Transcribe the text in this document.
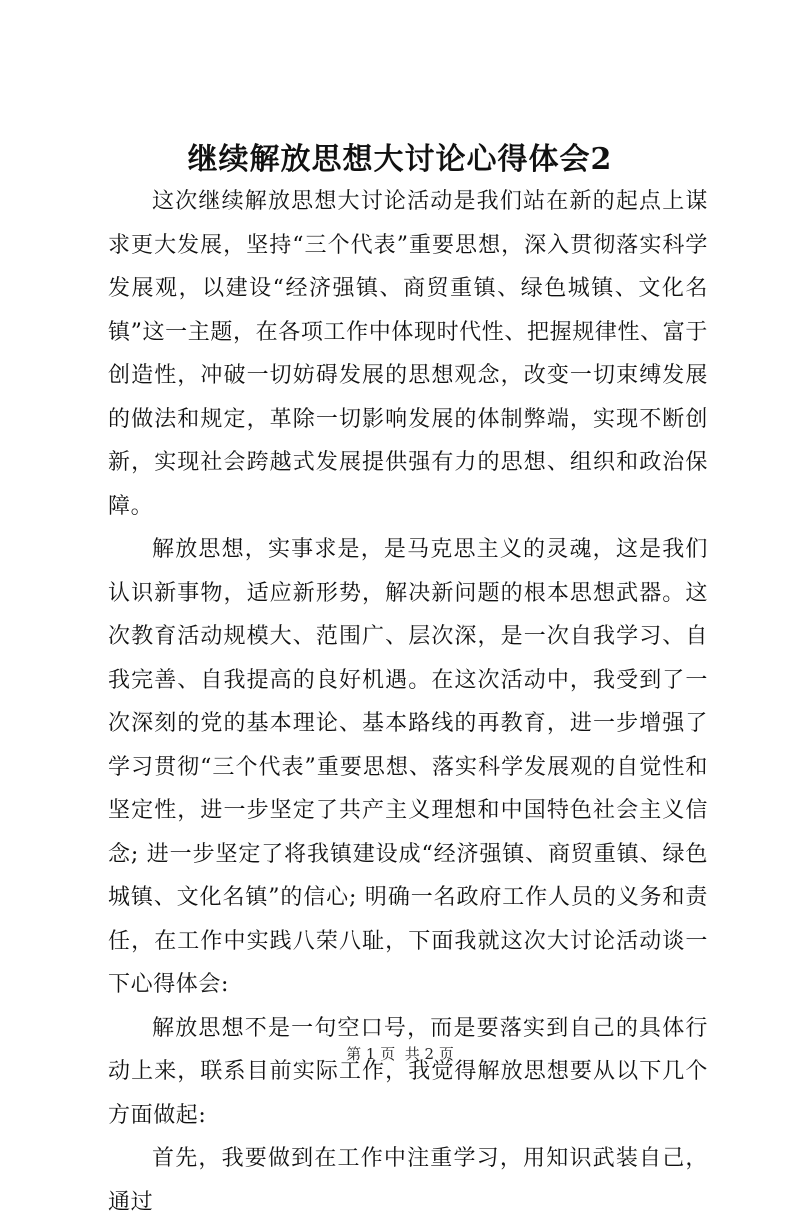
继续解放思想大讨论心得体会2

这次继续解放思想大讨论活动是我们站在新的起点上谋求更大发展，坚持“三个代表”重要思想，深入贯彻落实科学发展观，以建设“经济强镇、商贸重镇、绿色城镇、文化名镇”这一主题，在各项工作中体现时代性、把握规律性、富于创造性，冲破一切妨碍发展的思想观念，改变一切束缚发展的做法和规定，革除一切影响发展的体制弊端，实现不断创新，实现社会跨越式发展提供强有力的思想、组织和政治保障。

解放思想，实事求是，是马克思主义的灵魂，这是我们认识新事物，适应新形势，解决新问题的根本思想武器。这次教育活动规模大、范围广、层次深，是一次自我学习、自我完善、自我提高的良好机遇。在这次活动中，我受到了一次深刻的党的基本理论、基本路线的再教育，进一步增强了学习贯彻“三个代表”重要思想、落实科学发展观的自觉性和坚定性，进一步坚定了共产主义理想和中国特色社会主义信念; 进一步坚定了将我镇建设成“经济强镇、商贸重镇、绿色城镇、文化名镇”的信心; 明确一名政府工作人员的义务和责任，在工作中实践八荣八耻，下面我就这次大讨论活动谈一下心得体会:

解放思想不是一句空口号，而是要落实到自己的具体行动上来，联系目前实际工作，我觉得解放思想要从以下几个方面做起:

首先，我要做到在工作中注重学习，用知识武装自己，通过

第 1 页  共 2 页
